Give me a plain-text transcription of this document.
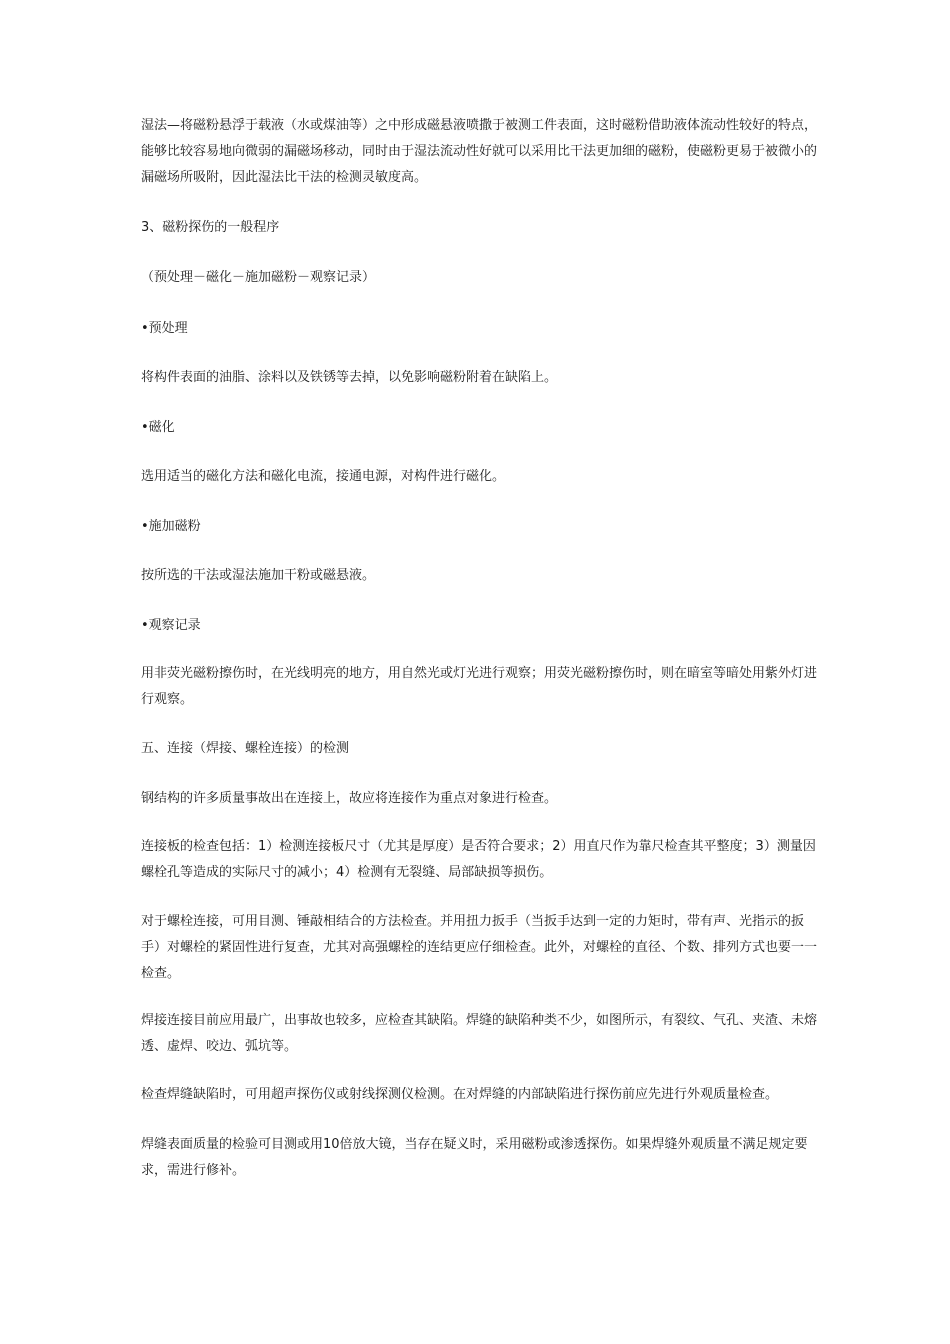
湿法—将磁粉悬浮于载液（水或煤油等）之中形成磁悬液喷撒于被测工件表面，这时磁粉借助液体流动性较好的特点，能够比较容易地向微弱的漏磁场移动，同时由于湿法流动性好就可以采用比干法更加细的磁粉，使磁粉更易于被微小的漏磁场所吸附，因此湿法比干法的检测灵敏度高。

3、磁粉探伤的一般程序

（预处理－磁化－施加磁粉－观察记录）

•预处理

将构件表面的油脂、涂料以及铁锈等去掉，以免影响磁粉附着在缺陷上。

•磁化

选用适当的磁化方法和磁化电流，接通电源，对构件进行磁化。

•施加磁粉

按所选的干法或湿法施加干粉或磁悬液。

•观察记录

用非荧光磁粉擦伤时，在光线明亮的地方，用自然光或灯光进行观察；用荧光磁粉擦伤时，则在暗室等暗处用紫外灯进行观察。

五、连接（焊接、螺栓连接）的检测

钢结构的许多质量事故出在连接上，故应将连接作为重点对象进行检查。

连接板的检查包括：1）检测连接板尺寸（尤其是厚度）是否符合要求；2）用直尺作为靠尺检查其平整度；3）测量因螺栓孔等造成的实际尺寸的减小；4）检测有无裂缝、局部缺损等损伤。

对于螺栓连接，可用目测、锤敲相结合的方法检查。并用扭力扳手（当扳手达到一定的力矩时，带有声、光指示的扳手）对螺栓的紧固性进行复查，尤其对高强螺栓的连结更应仔细检查。此外，对螺栓的直径、个数、排列方式也要一一检查。

焊接连接目前应用最广，出事故也较多，应检查其缺陷。焊缝的缺陷种类不少，如图所示，有裂纹、气孔、夹渣、未熔透、虚焊、咬边、弧坑等。

检查焊缝缺陷时，可用超声探伤仪或射线探测仪检测。在对焊缝的内部缺陷进行探伤前应先进行外观质量检查。

焊缝表面质量的检验可目测或用10倍放大镜，当存在疑义时，采用磁粉或渗透探伤。如果焊缝外观质量不满足规定要求，需进行修补。
